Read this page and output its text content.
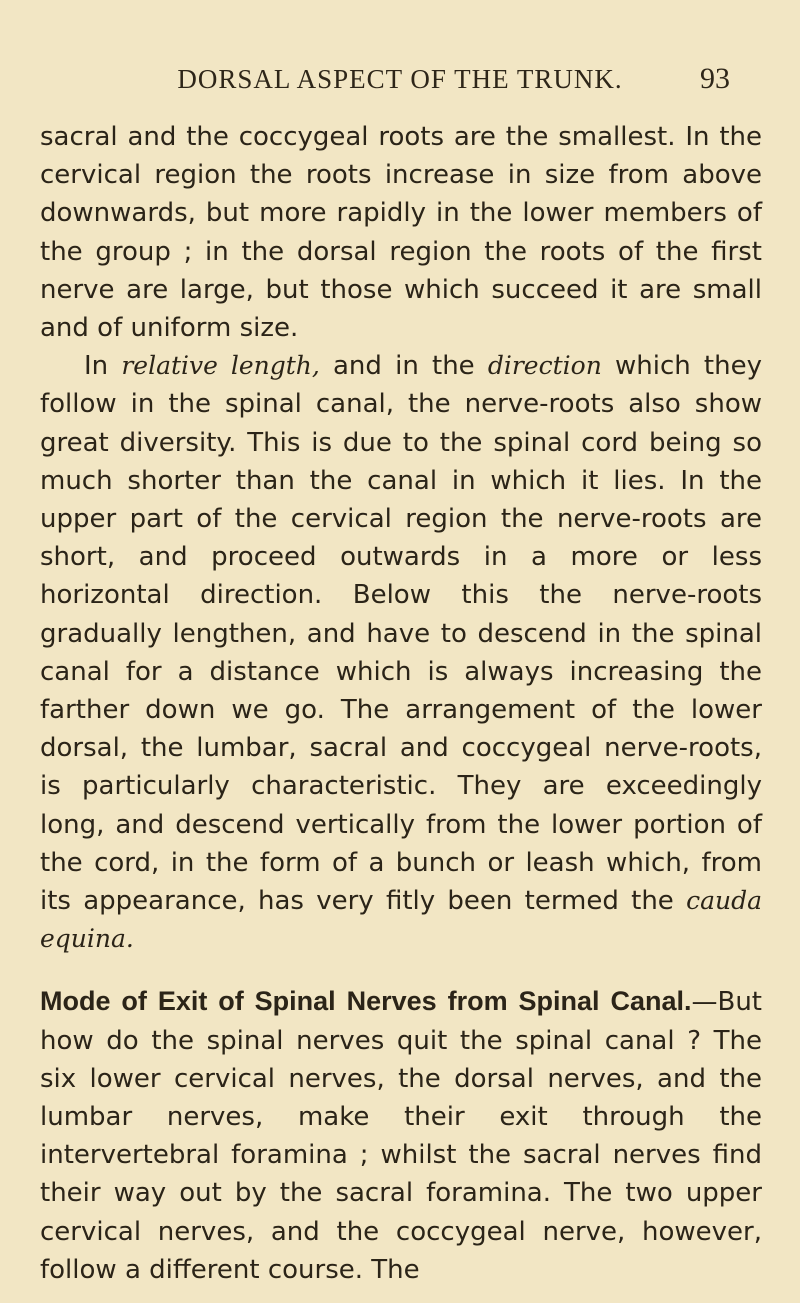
DORSAL ASPECT OF THE TRUNK.	93

sacral and the coccygeal roots are the smallest. In the cervical region the roots increase in size from above downwards, but more rapidly in the lower members of the group ; in the dorsal region the roots of the first nerve are large, but those which succeed it are small and of uniform size.

In relative length, and in the direction which they follow in the spinal canal, the nerve-roots also show great diversity. This is due to the spinal cord being so much shorter than the canal in which it lies. In the upper part of the cervical region the nerve-roots are short, and proceed outwards in a more or less horizontal direction. Below this the nerve-roots gradually lengthen, and have to descend in the spinal canal for a distance which is always increasing the farther down we go. The arrangement of the lower dorsal, the lumbar, sacral and coccygeal nerve-roots, is particularly characteristic. They are exceedingly long, and descend vertically from the lower portion of the cord, in the form of a bunch or leash which, from its appearance, has very fitly been termed the cauda equina.

Mode of Exit of Spinal Nerves from Spinal Canal.—But how do the spinal nerves quit the spinal canal ? The six lower cervical nerves, the dorsal nerves, and the lumbar nerves, make their exit through the intervertebral foramina ; whilst the sacral nerves find their way out by the sacral foramina. The two upper cervical nerves, and the coccygeal nerve, however, follow a different course. The
